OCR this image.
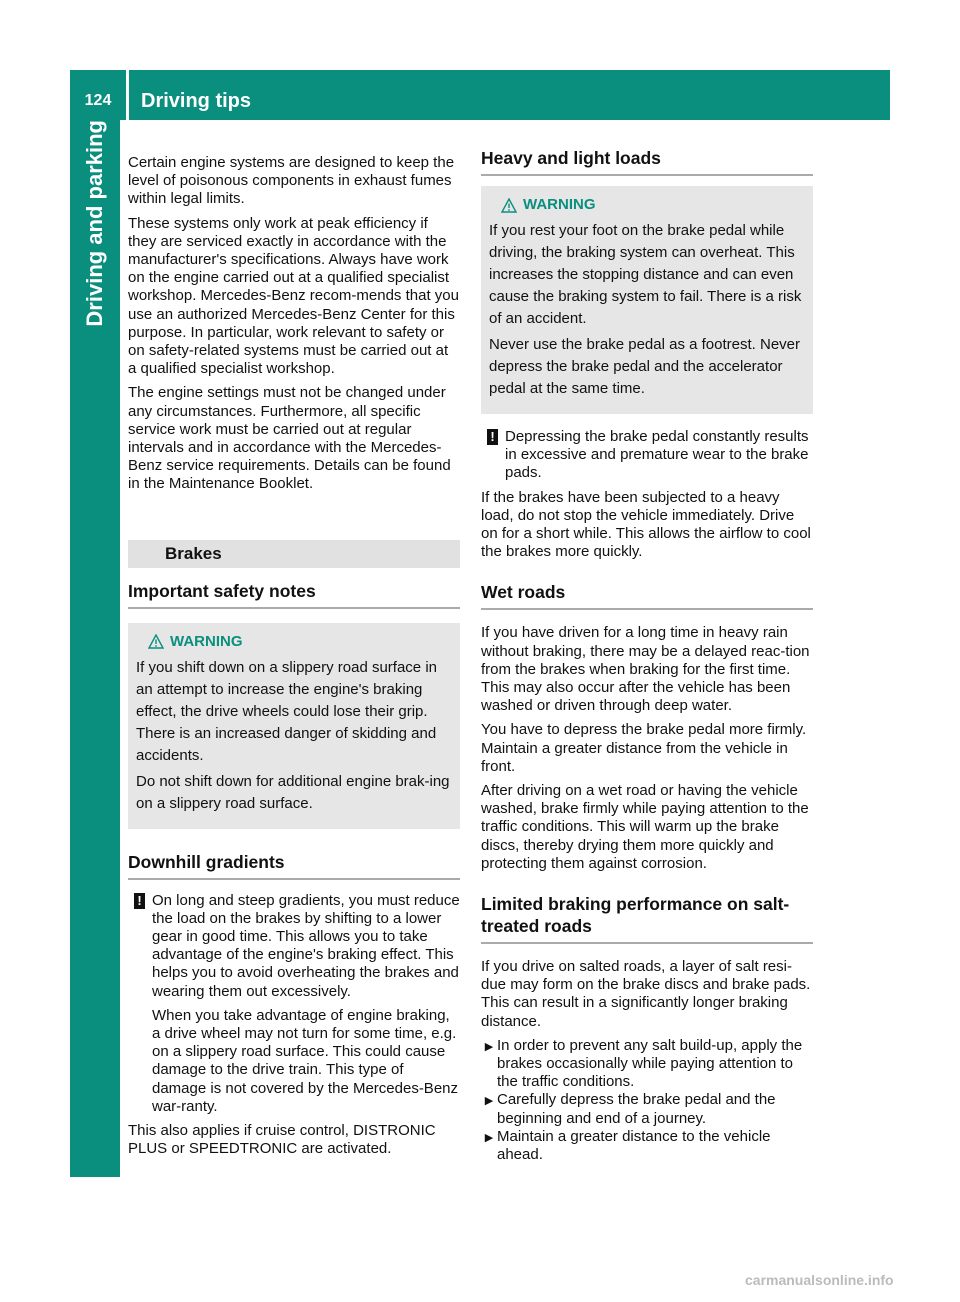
124	Driving tips
Driving and parking Certain engine systems are designed to keep the level of poisonous components in exhaust fumes within legal limits.

These systems only work at peak efficiency if they are serviced exactly in accordance with the manufacturer's specifications. Always have work on the engine carried out at a qualified specialist workshop. Mercedes-Benz recom-mends that you use an authorized Mercedes-Benz Center for this purpose. In particular, work relevant to safety or on safety-related systems must be carried out at a qualified specialist workshop.

The engine settings must not be changed under any circumstances. Furthermore, all specific service work must be carried out at regular intervals and in accordance with the Mercedes-Benz service requirements. Details can be found in the Maintenance Booklet.

Brakes
Important safety notes
WARNING

If you shift down on a slippery road surface in an attempt to increase the engine's braking effect, the drive wheels could lose their grip. There is an increased danger of skidding and accidents.

Do not shift down for additional engine brak-ing on a slippery road surface.

Downhill gradients
! On long and steep gradients, you must reduce the load on the brakes by shifting to a lower gear in good time. This allows you to take advantage of the engine's braking effect. This helps you to avoid overheating the brakes and wearing them out excessively.

When you take advantage of engine braking, a drive wheel may not turn for some time, e.g. on a slippery road surface. This could cause damage to the drive train. This type of damage is not covered by the Mercedes-Benz war-ranty.

This also applies if cruise control, DISTRONIC PLUS or SPEEDTRONIC are activated.

Heavy and light loads
WARNING

If you rest your foot on the brake pedal while driving, the braking system can overheat. This increases the stopping distance and can even cause the braking system to fail. There is a risk of an accident.

Never use the brake pedal as a footrest. Never depress the brake pedal and the accelerator pedal at the same time.

! Depressing the brake pedal constantly results in excessive and premature wear to the brake pads.

If the brakes have been subjected to a heavy load, do not stop the vehicle immediately. Drive on for a short while. This allows the airflow to cool the brakes more quickly.

Wet roads

If you have driven for a long time in heavy rain without braking, there may be a delayed reac-tion from the brakes when braking for the first time. This may also occur after the vehicle has been washed or driven through deep water.

You have to depress the brake pedal more firmly. Maintain a greater distance from the vehicle in front.

After driving on a wet road or having the vehicle washed, brake firmly while paying attention to the traffic conditions. This will warm up the brake discs, thereby drying them more quickly and protecting them against corrosion.

Limited braking performance on salt-treated roads

If you drive on salted roads, a layer of salt resi-due may form on the brake discs and brake pads. This can result in a significantly longer braking distance.

▶ In order to prevent any salt build-up, apply the brakes occasionally while paying attention to the traffic conditions.
▶ Carefully depress the brake pedal and the beginning and end of a journey.
▶ Maintain a greater distance to the vehicle ahead.
carmanualsonline.info
